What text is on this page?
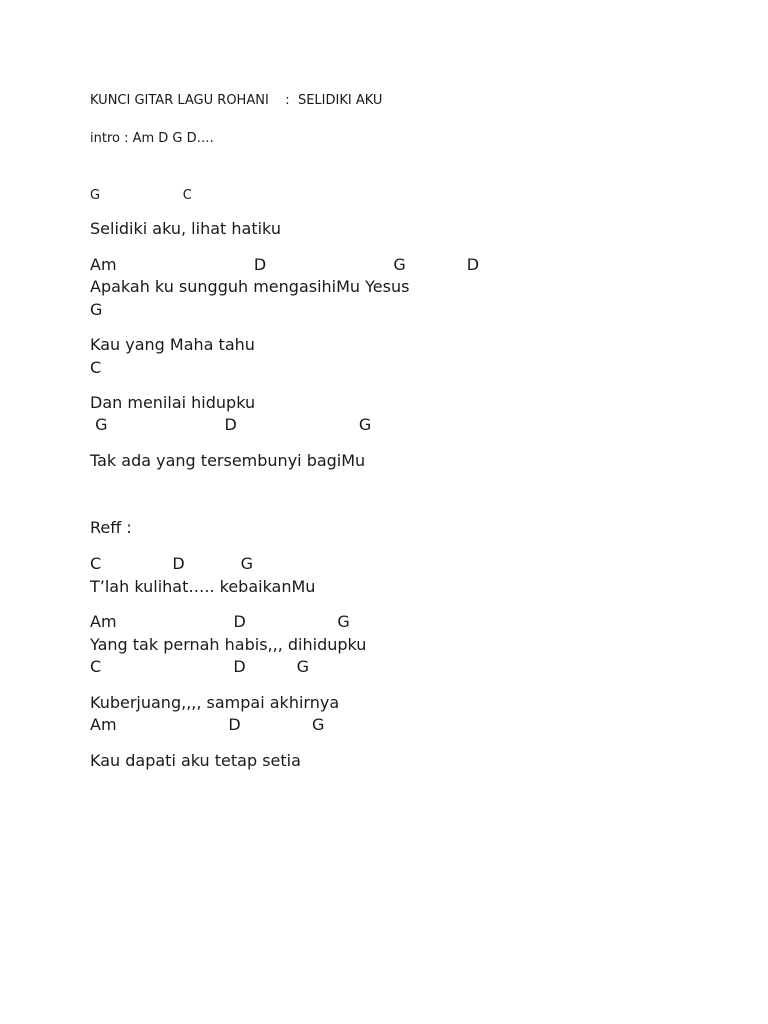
KUNCI GITAR LAGU ROHANI    :  SELIDIKI AKU
intro : Am D G D….
G                    C
Selidiki aku, lihat hatiku
Am                           D                         G            D
Apakah ku sungguh mengasihiMu Yesus
G
Kau yang Maha tahu
C
Dan menilai hidupku
G                       D                        G
Tak ada yang tersembunyi bagiMu
Reff :
C              D           G
T’lah kulihat….. kebaikanMu
Am                       D                  G
Yang tak pernah habis,,, dihidupku
C                          D          G
Kuberjuang,,,, sampai akhirnya
Am                      D              G
Kau dapati aku tetap setia
